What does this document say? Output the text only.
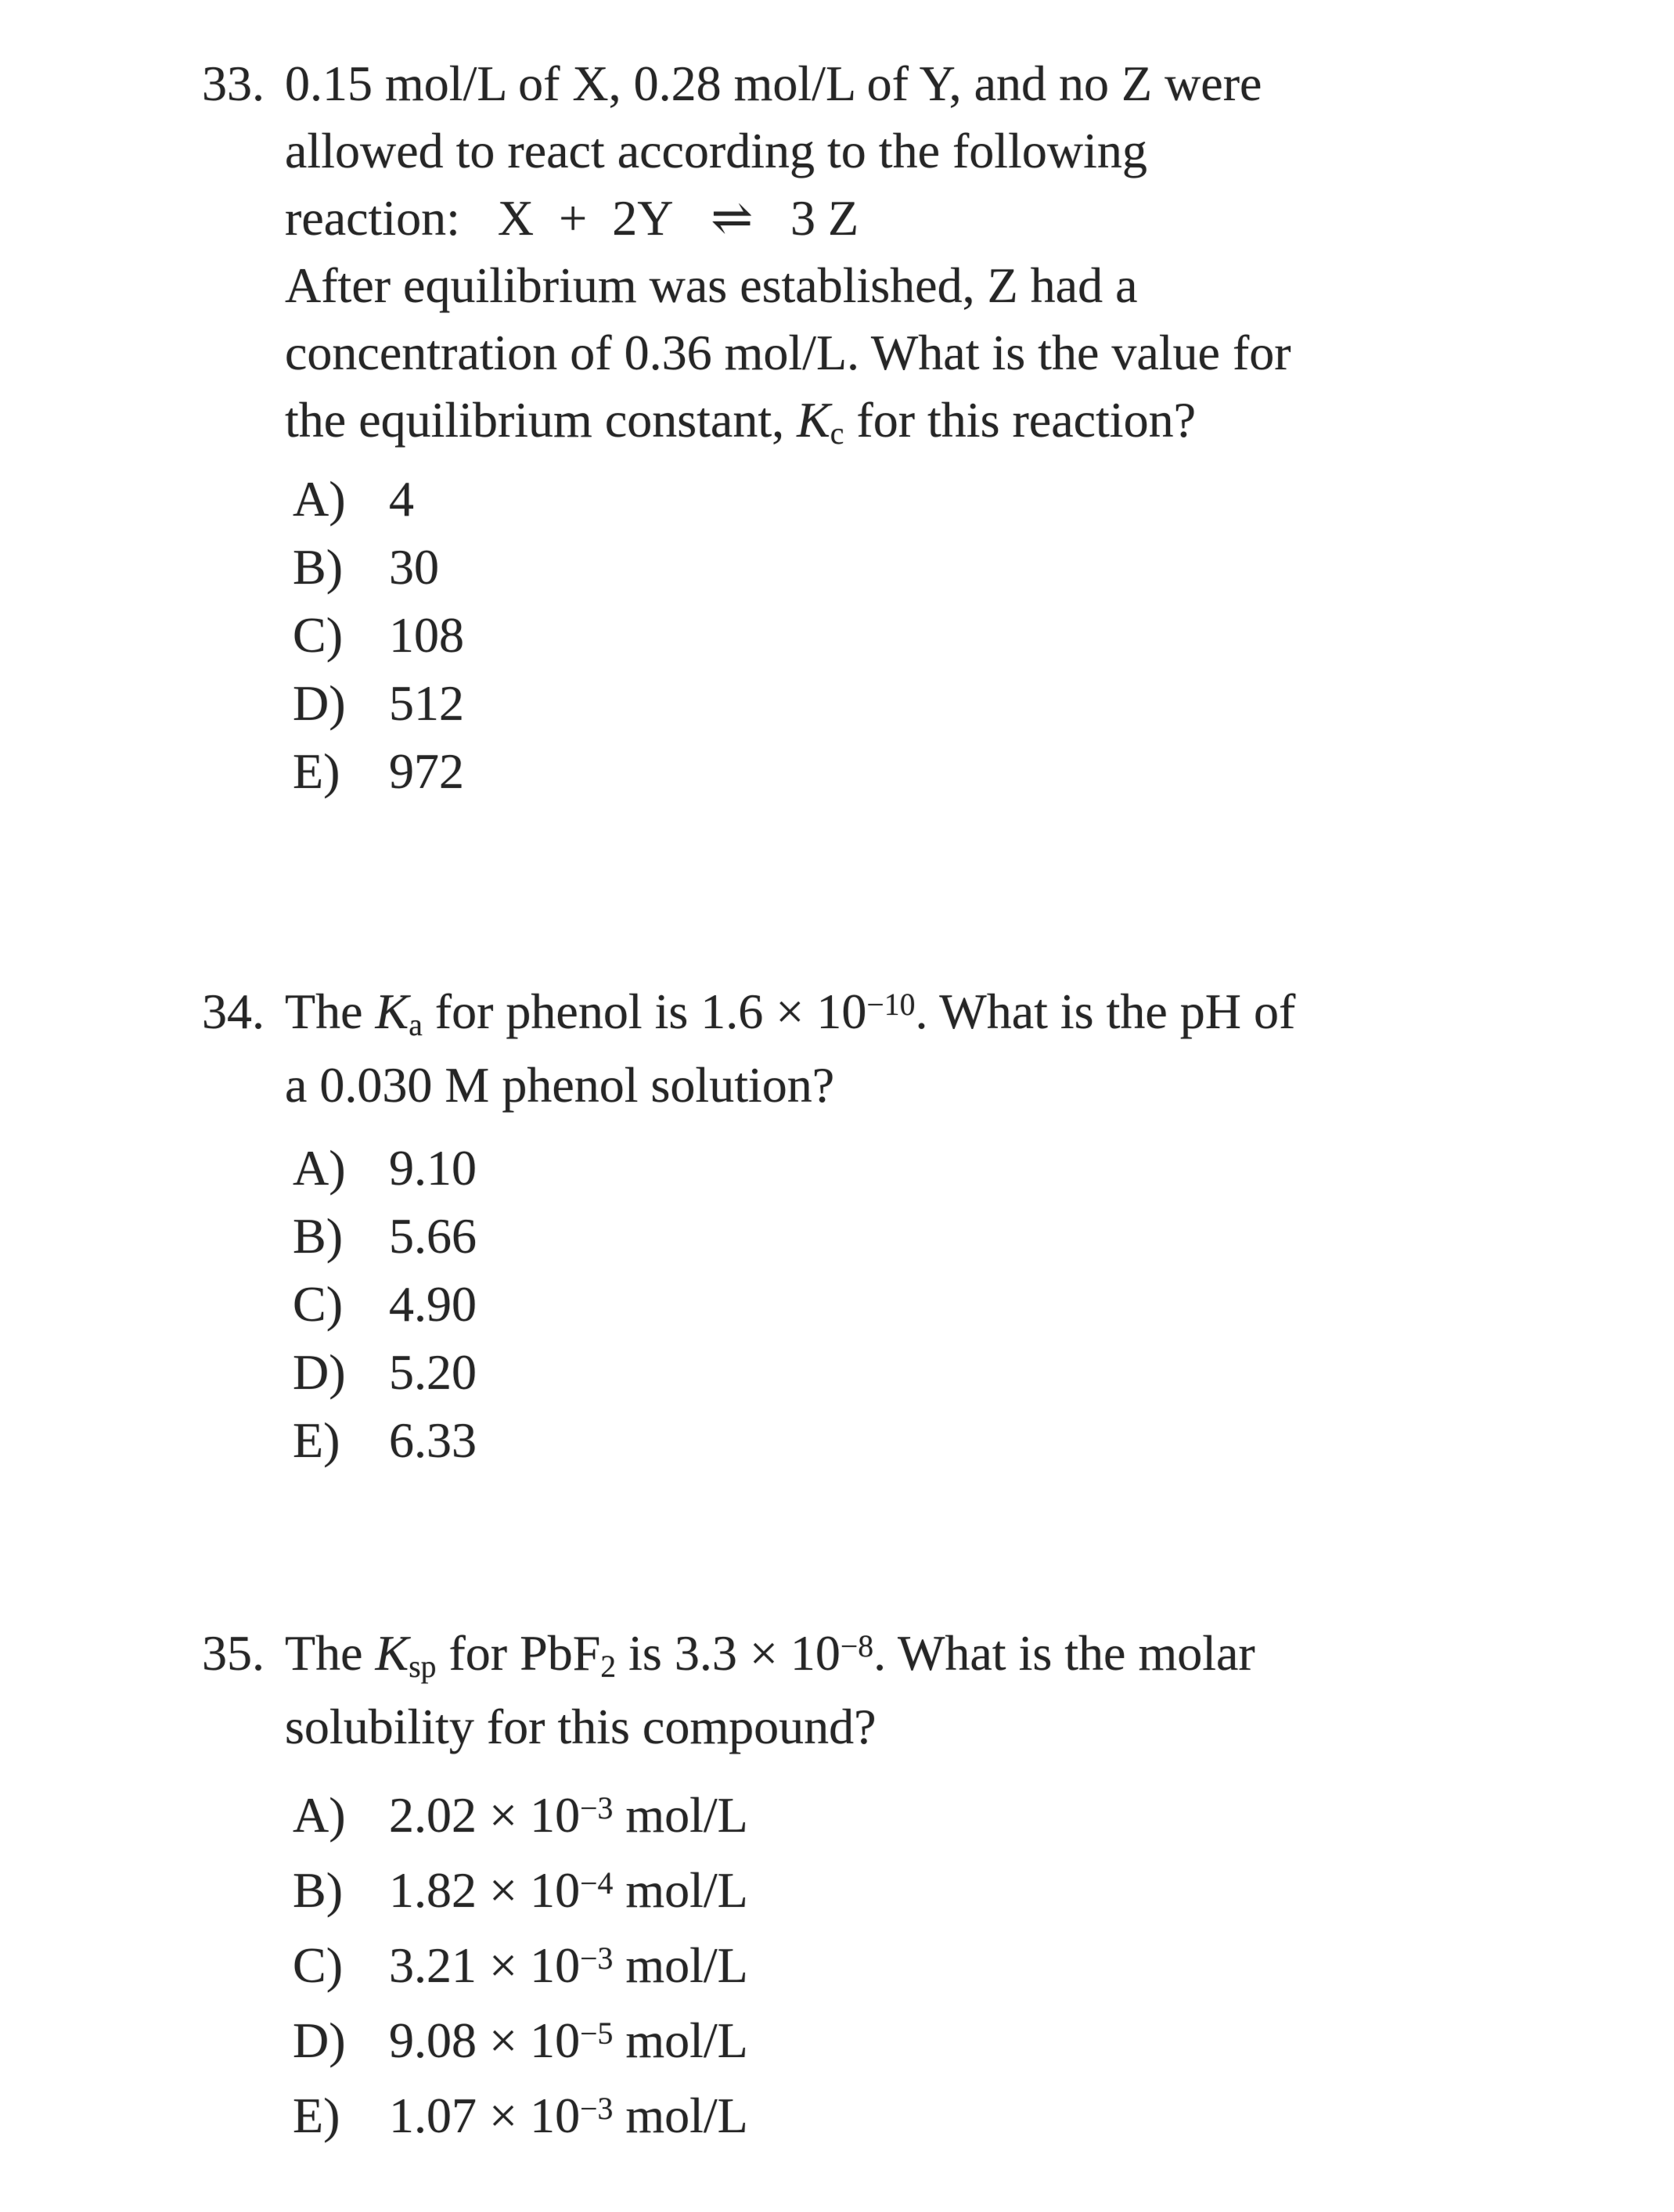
33. 0.15 mol/L of X, 0.28 mol/L of Y, and no Z were
allowed to react according to the following
reaction:   X  +  2Y   ⇌   3 Z
After equilibrium was established, Z had a
concentration of 0.36 mol/L. What is the value for
the equilibrium constant, Kc for this reaction?
A) 4
B) 30
C) 108
D) 512
E) 972
34. The Ka for phenol is $1.6 \times 10^{-10}$. What is the pH of
a 0.030 M phenol solution?
A) 9.10
B) 5.66
C) 4.90
D) 5.20
E) 6.33
35. The Ksp for PbF2 is $3.3 \times 10^{-8}$. What is the molar
solubility for this compound?
A) $2.02 \times 10^{-3}$ mol/L
B) $1.82 \times 10^{-4}$ mol/L
C) $3.21 \times 10^{-3}$ mol/L
D) $9.08 \times 10^{-5}$ mol/L
E) $1.07 \times 10^{-3}$ mol/L
